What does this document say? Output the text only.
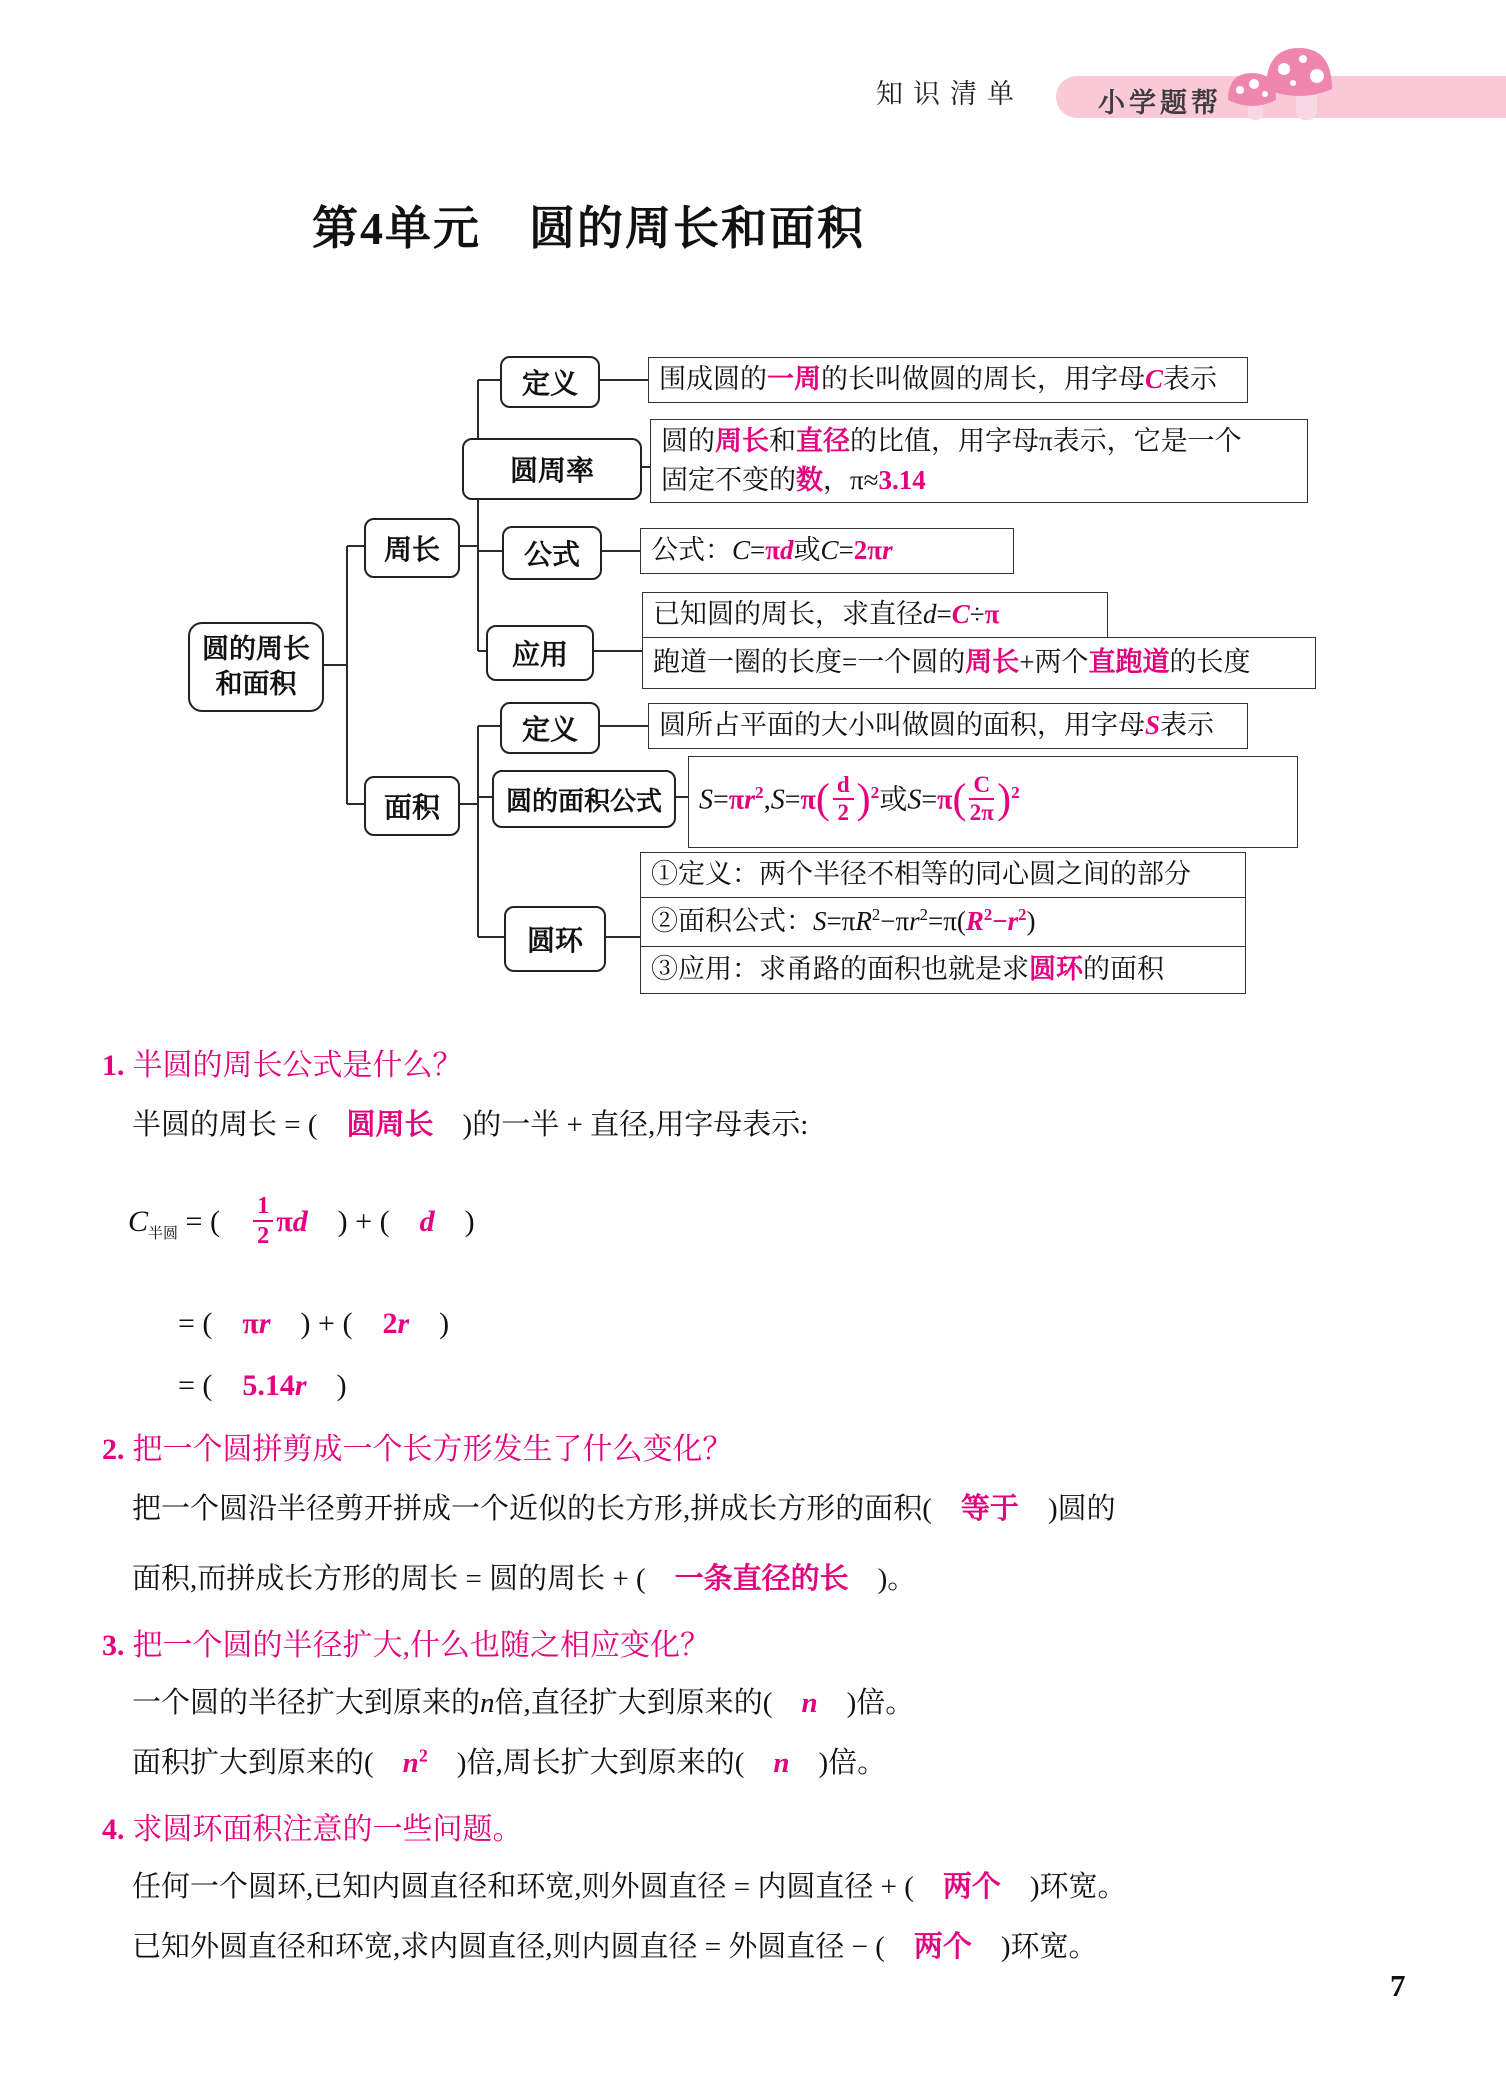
知识清单	小学题帮
第4单元　圆的周长和面积
圆的周长
和面积
周长
面积
定义
圆周率
公式
应用
定义
圆的面积公式
圆环
围成圆的一周的长叫做圆的周长，用字母C表示
圆的周长和直径的比值，用字母π表示，它是一个
固定不变的数，π≈3.14
公式：C=πd或C=2πr
已知圆的周长，求直径d=C÷π
跑道一圈的长度=一个圆的周长+两个直跑道的长度
圆所占平面的大小叫做圆的面积，用字母S表示
$S=\pi r^2,S=\pi( \frac{d}{2} )^2$或$S=\pi( \frac{C}{2\pi} )^2$
①定义：两个半径不相等的同心圆之间的部分
②面积公式：$S=\pi R^2-\pi r^2=\pi(R^2-r^2)$
③应用：求甬路的面积也就是求圆环的面积
1. 半圆的周长公式是什么？
半圆的周长 = (　圆周长　)的一半 + 直径,用字母表示:
$C_{半圆}$ = (　 $\frac{1}{2}$ πd　) + (　d　)
= (　πr　) + (　2r　)
= (　5.14r　)
2. 把一个圆拼剪成一个长方形发生了什么变化？
把一个圆沿半径剪开拼成一个近似的长方形,拼成长方形的面积(　等于　)圆的
面积,而拼成长方形的周长 = 圆的周长 + (　一条直径的长　)。
3. 把一个圆的半径扩大,什么也随之相应变化？
一个圆的半径扩大到原来的n倍,直径扩大到原来的(　n　)倍。
面积扩大到原来的(　$n^2$　)倍,周长扩大到原来的(　n　)倍。
4. 求圆环面积注意的一些问题。
任何一个圆环,已知内圆直径和环宽,则外圆直径 = 内圆直径 + (　两个　)环宽。
已知外圆直径和环宽,求内圆直径,则内圆直径 = 外圆直径 − (　两个　)环宽。
7
